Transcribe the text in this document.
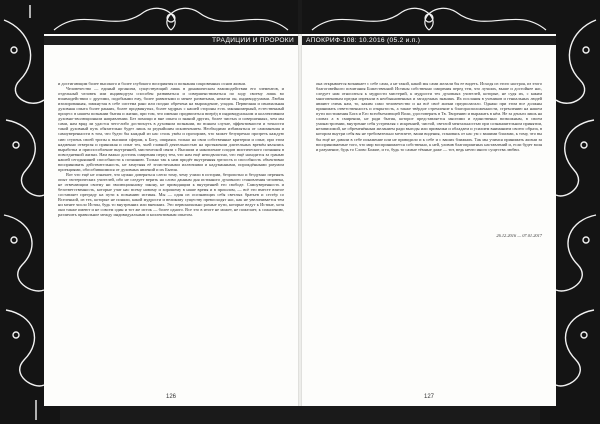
и достигающим более высокого и более глубокого восприятия и познания сокровенных основ жизни.

Человечество — единый организм, существующий лишь в динамическом взаимодействии его элементов, и отдельный человек или индивидуум способен развиваться и совершенствоваться по ходу своему лишь во взаимодействии с другими, подобными ему, более развитыми и менее развитыми, нежели он, индивидуумами. Любая изолированная, замкнутая в себе система рано или поздно обречена на вырождение, упадок. Первичная и изначальная духовная опыта более ранних, более продвинутых, более мудрых с нашей стороны есть законномерный, естественный процесс в нашем познании бытия и жизни, при том, что именно продвигаться вперёд в индивидуальном и коллективном духовно-эволюционном направлении. Без помощи и вне опыта и знаний других, более чистых и совершенных, чем мы сами, нам вряд ли удастся чего-либо достигнуть в духовном познании, во всяком случае, эффективности и точности такой духовный путь обязательно будет лишь за редчайшим исключением. Необходимо избавляться от самомнения и самоуверенности в том, что будто бы каждый из нас столь умён и прозорлив, что может безупречно прозреть каждую сию ступень своей тропы к высшим сферам, к Богу, опираясь только на свои собственные критерии и опыт, при этом надменно отвергая и принижая и опыт тех, чьей главной деятельностью на протяжении длительных времён являлись выработка и приспособление внутренней, мистической связи с Высшим и накопление плодов мистического познания в повседневной жизни. Нам важно достичь смирения перед тем, что нам ещё неподвластно, что ещё находится за гранью нашей сегодняшней способности к познанию. Только так к нам придёт внутренняя зрелость и способность объективно воспринимать действительность, не замутняя её эгоистичными иллюзиями и надуманными, порождёнными разумом проекциями, обособившимися от духовных явлений и их Бытия.

Вот что ещё не означает, что нужно доверяться слепо тому, чему учили в истории, безропотно и бездумно перенять опыт эзотерических учителей, ибо не следует верить на слово данным дня истинного духовного становления человека, не отвечающим своему ни эволюционному закону, не приводящим к внутренней его свободе. Самоуверенность и безответственность, которые учат нас всему новому и хорошему в наше время и в прошлом, — всё это вместе взятое составляет преграду на пути к познанию истины. Мы — один из осознающих себя светлых братьев и сестёр со Вселенной, из тех, которые не поняли, какой мудрости и великому существу превосходят нас, как не увеличивается тем ни менее число Истин, будь то внутренних или внешних. Это первоначально разные пути, которые ведут к Истине, хотя они также имеют и не совсем один и тот же исток — более одного. Все это в итоге не может, не пожелает, к сожалению, различить правильное между индивидуальным и коллективным опытом.

126

она открывается возникает с себе сама, а не такой, какой мы сами желали бы ее видеть. Исходя из этого настроя, из этого благоговейного почитания Божественной Истины собственно смирения перед тем, что лучших, выше и достойнее нас, следует нам относиться к мудрости мистерий, к мудрости тех духовных учителей, которые, не судя их, с каким многовековым предки изрекали в необыкновенных и загадочных знаниях. Их послания в учеников и гениальных людей являют очень нам, то, каким само человечество и на всё своё жизни предполагало. Однако при этом все должны принимать ответственность и открытость, а также твёрдое стремление к благорасположенности, стремлению на нашем пути постижения Бога и Его всеобъемлющей Воли, удостоверять в Тв. Творению и выражать в нём. Не за деньги лишь на словах а в смирении, не ради бытия, которое представляется многими и единственно возможным, в своем умонастроении, внутренне себя устремляя с искренней, чистой, светлой ментальностью при сознаниятельном принятии, независимой, не обременённым желанием ради выгоды или привычки и обладаем и усилием вниманием своего образа, в котором внутри себя вы не требовательно мечтаете, ваши видения, становясь от нас ум с вашими благами, к тому, что вы бы ещё не давали в себе искажение или не приводило и к себе и с ваших ближних. Так мы учимся принимать жизни за воспринимаемые того, что мир воспринимается собственно, к ней, уловив благоприятных наставлений и, если будет воля и разумение, будь то Слово Божие, и то, будь то самые тёмные даже — тот, ведь нечто иного существа любви.

26.12.2016 — 07.01.2017
127
ТРАДИЦИИ И ПРОРОКИ АПОКРИФ-108: 10.2016 (05.2 и.п.)
